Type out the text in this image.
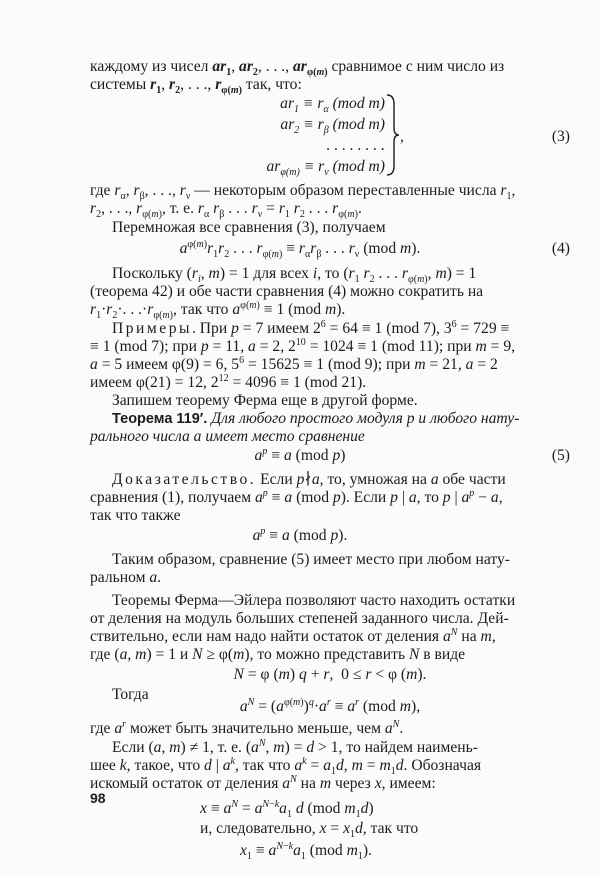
каждому из чисел $ar_1$, $ar_2$, . . ., $ar_{\varphi(m)}$ сравнимое с ним число из
системы $r_1$, $r_2$, . . ., $r_{\varphi(m)}$ так, что:
$ar_1 \equiv r_\alpha$ (mod m)
$ar_2 \equiv r_\beta$ (mod m)
. . . . . . . .
$ar_{\varphi(m)} \equiv r_\nu$ (mod m)
,	(3)
где $r_\alpha$, $r_\beta$, . . ., $r_\nu$ — некоторым образом переставленные числа $r_1$,
$r_2$, . . ., $r_{\varphi(m)}$, т. е. $r_\alpha$ $r_\beta$ . . . $r_\nu = r_1$ $r_2$ . . . $r_{\varphi(m)}$.
Перемножая все сравнения (3), получаем
$a^{\varphi(m)}r_1r_2$ . . . $r_{\varphi(m)} \equiv r_\alpha r_\beta$ . . . $r_\nu$ (mod m).	(4)
Поскольку ($r_i$, m) = 1 для всех i, то ($r_1$ $r_2$ . . . $r_{\varphi(m)}$, m) = 1
(теорема 42) и обе части сравнения (4) можно сократить на
$r_1\cdot r_2\cdot$. . $.\cdot r_{\varphi(m)}$, так что $a^{\varphi(m)} \equiv 1$ (mod m).
Примеры. При p = 7 имеем $2^6 = 64 \equiv 1$ (mod 7), $3^6 = 729$ ≡
≡ 1 (mod 7); при p = 11, a = 2, $2^{10} = 1024 \equiv 1$ (mod 11); при m = 9,
a = 5 имеем φ(9) = 6, $5^6 = 15625 \equiv 1$ (mod 9); при m = 21, a = 2
имеем φ(21) = 12, $2^{12} = 4096 \equiv 1$ (mod 21).
Запишем теорему Ферма еще в другой форме.
Теорема 119′. Для любого простого модуля p и любого нату-
рального числа a имеет место сравнение
$a^p \equiv a$ (mod p)	(5)
Доказательство. Если p∤a, то, умножая на a обе части
сравнения (1), получаем $a^p \equiv a$ (mod p). Если p | a, то p | $a^p - a$,
так что также
$a^p \equiv a$ (mod p).
Таким образом, сравнение (5) имеет место при любом нату-
ральном a.
Теоремы Ферма—Эйлера позволяют часто находить остатки
от деления на модуль больших степеней заданного числа. Дей-
ствительно, если нам надо найти остаток от деления $a^N$ на m,
где (a, m) = 1 и N ≥ φ(m), то можно представить N в виде
N = φ (m) q + r,  0 ≤ r < φ (m).
Тогда
$a^N = (a^{\varphi(m)})^q\cdot a^r \equiv a^r$ (mod m),
где $a^r$ может быть значительно меньше, чем $a^N$.
Если (a, m) ≠ 1, т. е. ($a^N$, m) = d > 1, то найдем наимень-
шее k, такое, что d | $a^k$, так что $a^k = a_1d$, $m = m_1d$. Обозначая
искомый остаток от деления $a^N$ на m через x, имеем:
98
$x \equiv a^N = a^{N-k}a_1$ d (mod $m_1d$)
и, следовательно, $x = x_1d$, так что
$x_1 \equiv a^{N-k}a_1$ (mod $m_1$).
